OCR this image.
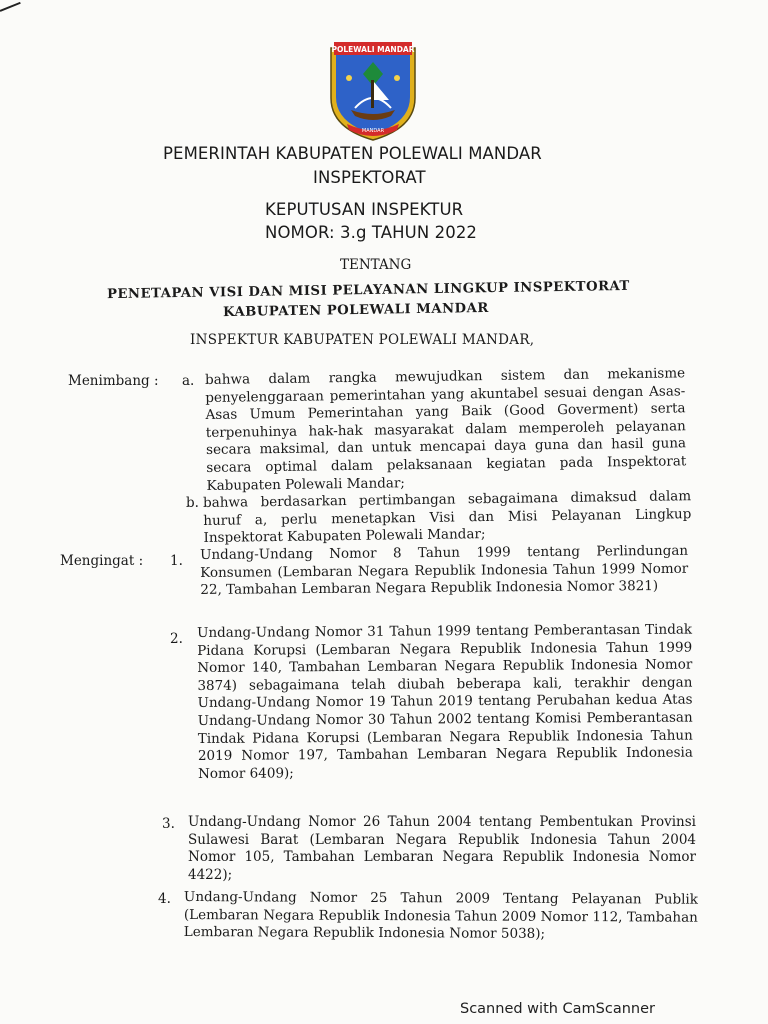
POLEWALI MANDAR
MANDAR
PEMERINTAH KABUPATEN POLEWALI MANDAR
INSPEKTORAT
KEPUTUSAN INSPEKTUR
NOMOR: 3.g TAHUN 2022
TENTANG
PENETAPAN VISI DAN MISI PELAYANAN LINGKUP INSPEKTORAT
KABUPATEN POLEWALI MANDAR
INSPEKTUR KABUPATEN POLEWALI MANDAR,
Menimbang : a. bahwa dalam rangka mewujudkan sistem dan mekanisme penyelenggaraan pemerintahan yang akuntabel sesuai dengan Asas-Asas Umum Pemerintahan yang Baik (Good Goverment) serta terpenuhinya hak-hak masyarakat dalam memperoleh pelayanan secara maksimal, dan untuk mencapai daya guna dan hasil guna secara optimal dalam pelaksanaan kegiatan pada Inspektorat Kabupaten Polewali Mandar;
b. bahwa berdasarkan pertimbangan sebagaimana dimaksud dalam huruf a, perlu menetapkan Visi dan Misi Pelayanan Lingkup Inspektorat Kabupaten Polewali Mandar;
Mengingat : 1. Undang-Undang Nomor 8 Tahun 1999 tentang Perlindungan Konsumen (Lembaran Negara Republik Indonesia Tahun 1999 Nomor 22, Tambahan Lembaran Negara Republik Indonesia Nomor 3821)
2. Undang-Undang Nomor 31 Tahun 1999 tentang Pemberantasan Tindak Pidana Korupsi (Lembaran Negara Republik Indonesia Tahun 1999 Nomor 140, Tambahan Lembaran Negara Republik Indonesia Nomor 3874) sebagaimana telah diubah beberapa kali, terakhir dengan Undang-Undang Nomor 19 Tahun 2019 tentang Perubahan kedua Atas Undang-Undang Nomor 30 Tahun 2002 tentang Komisi Pemberantasan Tindak Pidana Korupsi (Lembaran Negara Republik Indonesia Tahun 2019 Nomor 197, Tambahan Lembaran Negara Republik Indonesia Nomor 6409);
3. Undang-Undang Nomor 26 Tahun 2004 tentang Pembentukan Provinsi Sulawesi Barat (Lembaran Negara Republik Indonesia Tahun 2004 Nomor 105, Tambahan Lembaran Negara Republik Indonesia Nomor 4422);
4. Undang-Undang Nomor 25 Tahun 2009 Tentang Pelayanan Publik (Lembaran Negara Republik Indonesia Tahun 2009 Nomor 112, Tambahan Lembaran Negara Republik Indonesia Nomor 5038);
Scanned with CamScanner
